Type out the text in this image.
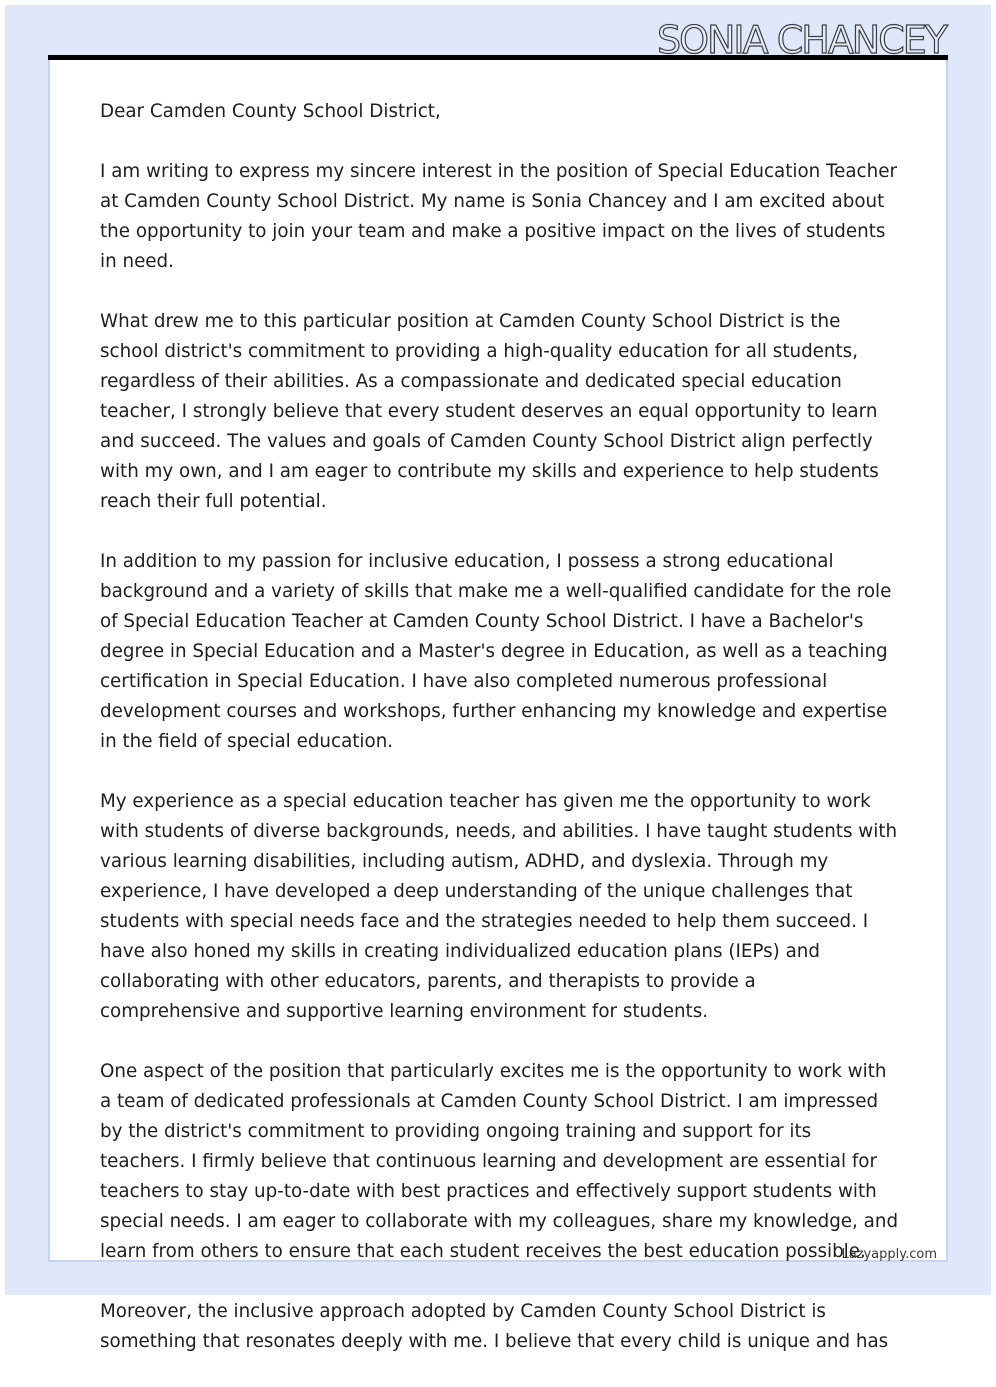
SONIA CHANCEY

Dear Camden County School District,

I am writing to express my sincere interest in the position of Special Education Teacher at Camden County School District. My name is Sonia Chancey and I am excited about the opportunity to join your team and make a positive impact on the lives of students in need.

What drew me to this particular position at Camden County School District is the school district's commitment to providing a high-quality education for all students, regardless of their abilities. As a compassionate and dedicated special education teacher, I strongly believe that every student deserves an equal opportunity to learn and succeed. The values and goals of Camden County School District align perfectly with my own, and I am eager to contribute my skills and experience to help students reach their full potential.

In addition to my passion for inclusive education, I possess a strong educational background and a variety of skills that make me a well-qualified candidate for the role of Special Education Teacher at Camden County School District. I have a Bachelor's degree in Special Education and a Master's degree in Education, as well as a teaching certification in Special Education. I have also completed numerous professional development courses and workshops, further enhancing my knowledge and expertise in the field of special education.

My experience as a special education teacher has given me the opportunity to work with students of diverse backgrounds, needs, and abilities. I have taught students with various learning disabilities, including autism, ADHD, and dyslexia. Through my experience, I have developed a deep understanding of the unique challenges that students with special needs face and the strategies needed to help them succeed. I have also honed my skills in creating individualized education plans (IEPs) and collaborating with other educators, parents, and therapists to provide a comprehensive and supportive learning environment for students.

One aspect of the position that particularly excites me is the opportunity to work with a team of dedicated professionals at Camden County School District. I am impressed by the district's commitment to providing ongoing training and support for its teachers. I firmly believe that continuous learning and development are essential for teachers to stay up-to-date with best practices and effectively support students with special needs. I am eager to collaborate with my colleagues, share my knowledge, and learn from others to ensure that each student receives the best education possible.

Moreover, the inclusive approach adopted by Camden County School District is something that resonates deeply with me. I believe that every child is unique and has

Lazyapply.com
